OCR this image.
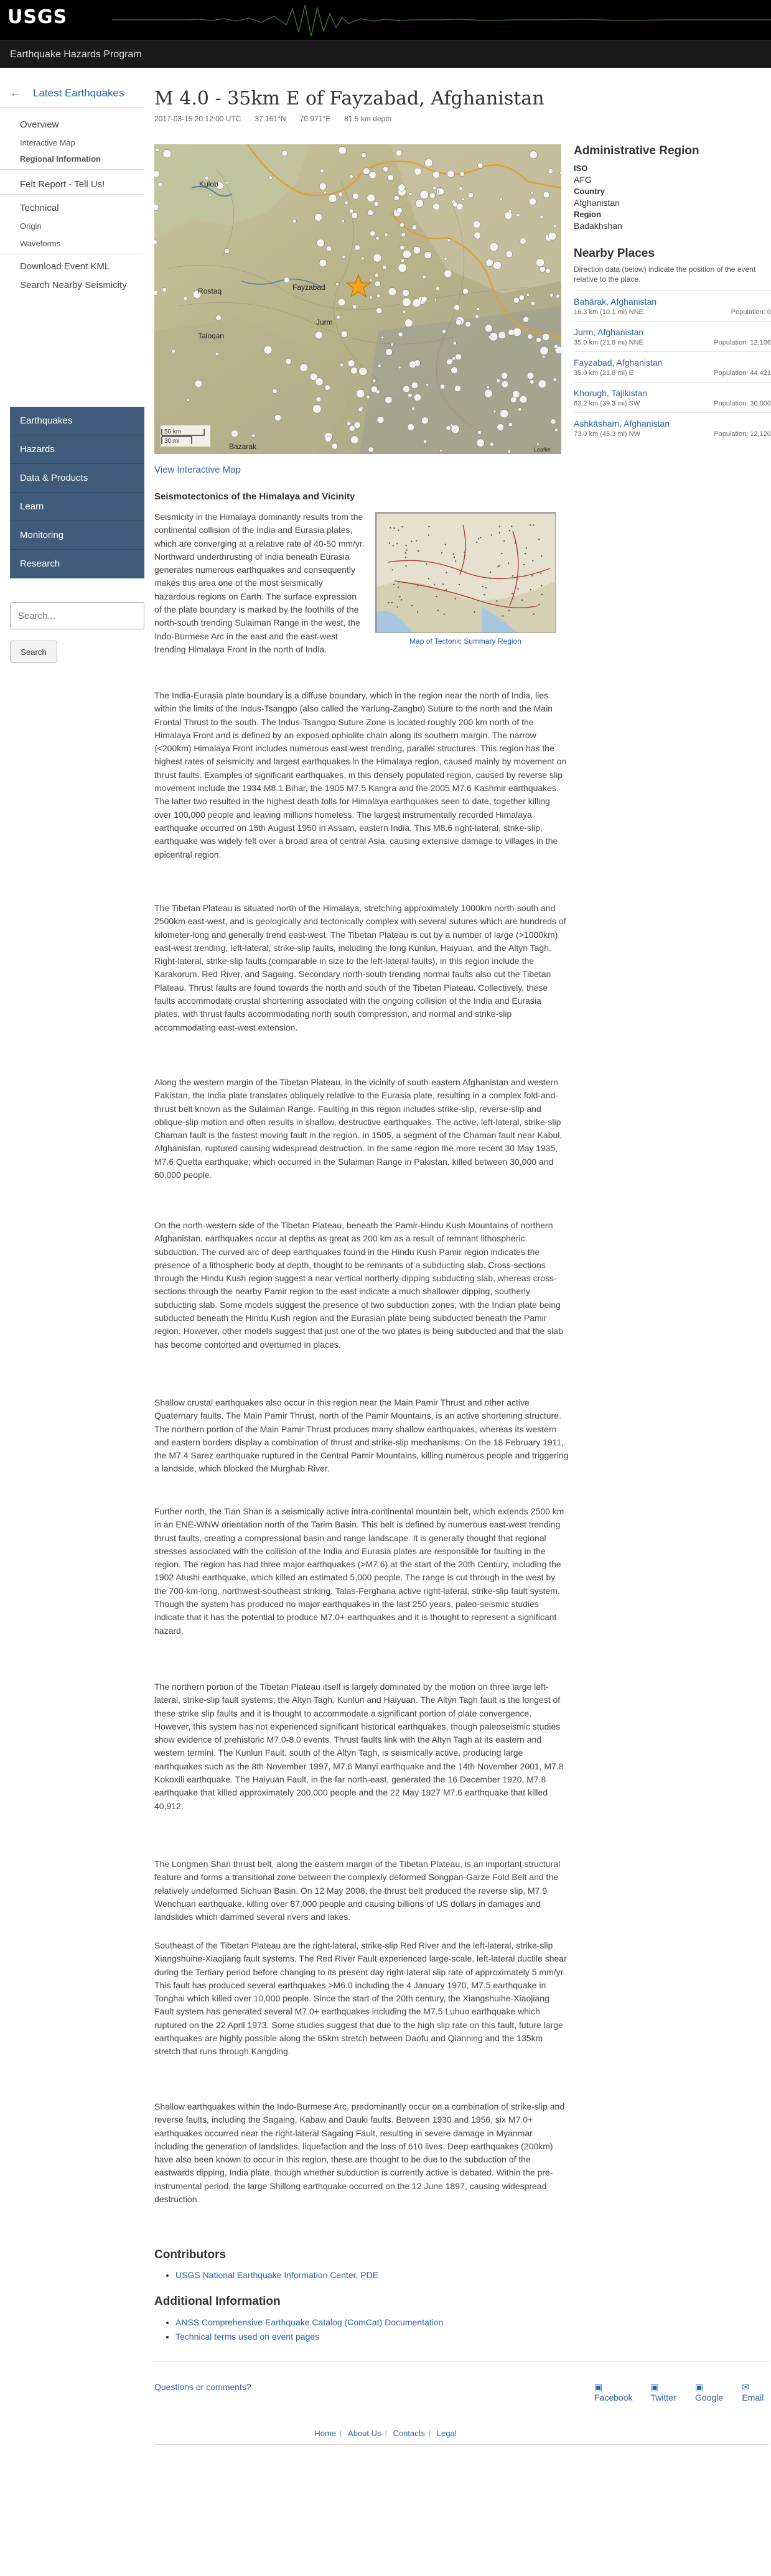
USGS
Earthquake Hazards Program
← Latest Earthquakes
Overview
Interactive Map
Regional Information
Felt Report - Tell Us!
Technical
Origin
Waveforms
Download Event KML
Search Nearby Seismicity
Earthquakes
Hazards
Data & Products
Learn
Monitoring
Research
Search...
Search
M 4.0 - 35km E of Fayzabad, Afghanistan
2017-03-15 20:12:00 UTC 37.161°N 70.971°E 81.5 km depth
Kulob
Rostaq	Fayzabad
Taloqan
Bazarak
Jurm
50 km
30 mi
Leaflet
View Interactive Map
Administrative Region
ISO
AFG
Country
Afghanistan
Region
Badakhshan
Nearby Places

Direction data (below) indicate the position of the event relative to the place.

Bahārak, Afghanistan
16.3 km (10.1 mi) NNE	Population: 0
Jurm, Afghanistan
35.0 km (21.8 mi) NNE	Population: 12,106
Fayzabad, Afghanistan
35.0 km (21.8 mi) E	Population: 44,421
Khorugh, Tajikistan
63.2 km (39.3 mi) SW	Population: 30,000
Ashkāsham, Afghanistan
73.0 km (45.3 mi) NW	Population: 12,120
Seismotectonics of the Himalaya and Vicinity

Seismicity in the Himalaya dominantly results from the continental collision of the India and Eurasia plates, which are converging at a relative rate of 40-50 mm/yr. Northward underthrusting of India beneath Eurasia generates numerous earthquakes and consequently makes this area one of the most seismically hazardous regions on Earth. The surface expression of the plate boundary is marked by the foothills of the north-south trending Sulaiman Range in the west, the Indo-Burmese Arc in the east and the east-west trending Himalaya Front in the north of India.

Map of Tectonic Summary Region

The India-Eurasia plate boundary is a diffuse boundary, which in the region near the north of India, lies within the limits of the Indus-Tsangpo (also called the Yarlung-Zangbo) Suture to the north and the Main Frontal Thrust to the south. The Indus-Tsangpo Suture Zone is located roughly 200 km north of the Himalaya Front and is defined by an exposed ophiolite chain along its southern margin. The narrow (<200km) Himalaya Front includes numerous east-west trending, parallel structures. This region has the highest rates of seismicity and largest earthquakes in the Himalaya region, caused mainly by movement on thrust faults. Examples of significant earthquakes, in this densely populated region, caused by reverse slip movement include the 1934 M8.1 Bihar, the 1905 M7.5 Kangra and the 2005 M7.6 Kashmir earthquakes. The latter two resulted in the highest death tolls for Himalaya earthquakes seen to date, together killing over 100,000 people and leaving millions homeless. The largest instrumentally recorded Himalaya earthquake occurred on 15th August 1950 in Assam, eastern India. This M8.6 right-lateral, strike-slip, earthquake was widely felt over a broad area of central Asia, causing extensive damage to villages in the epicentral region.

The Tibetan Plateau is situated north of the Himalaya, stretching approximately 1000km north-south and 2500km east-west, and is geologically and tectonically complex with several sutures which are hundreds of kilometer-long and generally trend east-west. The Tibetan Plateau is cut by a number of large (>1000km) east-west trending, left-lateral, strike-slip faults, including the long Kunlun, Haiyuan, and the Altyn Tagh. Right-lateral, strike-slip faults (comparable in size to the left-lateral faults), in this region include the Karakorum, Red River, and Sagaing. Secondary north-south trending normal faults also cut the Tibetan Plateau. Thrust faults are found towards the north and south of the Tibetan Plateau. Collectively, these faults accommodate crustal shortening associated with the ongoing collision of the India and Eurasia plates, with thrust faults accommodating north south compression, and normal and strike-slip accommodating east-west extension.

Along the western margin of the Tibetan Plateau, in the vicinity of south-eastern Afghanistan and western Pakistan, the India plate translates obliquely relative to the Eurasia plate, resulting in a complex fold-and-thrust belt known as the Sulaiman Range. Faulting in this region includes strike-slip, reverse-slip and oblique-slip motion and often results in shallow, destructive earthquakes. The active, left-lateral, strike-slip Chaman fault is the fastest moving fault in the region. In 1505, a segment of the Chaman fault near Kabul, Afghanistan, ruptured causing widespread destruction. In the same region the more recent 30 May 1935, M7.6 Quetta earthquake, which occurred in the Sulaiman Range in Pakistan, killed between 30,000 and 60,000 people.

On the north-western side of the Tibetan Plateau, beneath the Pamir-Hindu Kush Mountains of northern Afghanistan, earthquakes occur at depths as great as 200 km as a result of remnant lithospheric subduction. The curved arc of deep earthquakes found in the Hindu Kush Pamir region indicates the presence of a lithospheric body at depth, thought to be remnants of a subducting slab. Cross-sections through the Hindu Kush region suggest a near vertical northerly-dipping subducting slab, whereas cross-sections through the nearby Pamir region to the east indicate a much shallower dipping, southerly subducting slab. Some models suggest the presence of two subduction zones; with the Indian plate being subducted beneath the Hindu Kush region and the Eurasian plate being subducted beneath the Pamir region. However, other models suggest that just one of the two plates is being subducted and that the slab has become contorted and overturned in places.

Shallow crustal earthquakes also occur in this region near the Main Pamir Thrust and other active Quaternary faults. The Main Pamir Thrust, north of the Pamir Mountains, is an active shortening structure. The northern portion of the Main Pamir Thrust produces many shallow earthquakes, whereas its western and eastern borders display a combination of thrust and strike-slip mechanisms. On the 18 February 1911, the M7.4 Sarez earthquake ruptured in the Central Pamir Mountains, killing numerous people and triggering a landside, which blocked the Murghab River.

Further north, the Tian Shan is a seismically active intra-continental mountain belt, which extends 2500 km in an ENE-WNW orientation north of the Tarim Basin. This belt is defined by numerous east-west trending thrust faults, creating a compressional basin and range landscape. It is generally thought that regional stresses associated with the collision of the India and Eurasia plates are responsible for faulting in the region. The region has had three major earthquakes (>M7.6) at the start of the 20th Century, including the 1902 Atushi earthquake, which killed an estimated 5,000 people. The range is cut through in the west by the 700-km-long, northwest-southeast striking, Talas-Ferghana active right-lateral, strike-slip fault system. Though the system has produced no major earthquakes in the last 250 years, paleo-seismic studies indicate that it has the potential to produce M7.0+ earthquakes and it is thought to represent a significant hazard.

The northern portion of the Tibetan Plateau itself is largely dominated by the motion on three large left-lateral, strike-slip fault systems; the Altyn Tagh, Kunlun and Haiyuan. The Altyn Tagh fault is the longest of these strike slip faults and it is thought to accommodate a significant portion of plate convergence. However, this system has not experienced significant historical earthquakes, though paleoseismic studies show evidence of prehistoric M7.0-8.0 events. Thrust faults link with the Altyn Tagh at its eastern and western termini. The Kunlun Fault, south of the Altyn Tagh, is seismically active, producing large earthquakes such as the 8th November 1997, M7.6 Manyi earthquake and the 14th November 2001, M7.8 Kokoxili earthquake. The Haiyuan Fault, in the far north-east, generated the 16 December 1920, M7.8 earthquake that killed approximately 200,000 people and the 22 May 1927 M7.6 earthquake that killed 40,912.

The Longmen Shan thrust belt, along the eastern margin of the Tibetan Plateau, is an important structural feature and forms a transitional zone between the complexly deformed Songpan-Garze Fold Belt and the relatively undeformed Sichuan Basin. On 12 May 2008, the thrust belt produced the reverse slip, M7.9 Wenchuan earthquake, killing over 87,000 people and causing billions of US dollars in damages and landslides which dammed several rivers and lakes.

Southeast of the Tibetan Plateau are the right-lateral, strike-slip Red River and the left-lateral, strike-slip Xiangshuihe-Xiaojiang fault systems. The Red River Fault experienced large-scale, left-lateral ductile shear during the Tertiary period before changing to its present day right-lateral slip rate of approximately 5 mm/yr. This fault has produced several earthquakes >M6.0 including the 4 January 1970, M7.5 earthquake in Tonghai which killed over 10,000 people. Since the start of the 20th century, the Xiangshuihe-Xiaojiang Fault system has generated several M7.0+ earthquakes including the M7.5 Luhuo earthquake which ruptured on the 22 April 1973. Some studies suggest that due to the high slip rate on this fault, future large earthquakes are highly possible along the 65km stretch between Daofu and Qianning and the 135km stretch that runs through Kangding.

Shallow earthquakes within the Indo-Burmese Arc, predominantly occur on a combination of strike-slip and reverse faults, including the Sagaing, Kabaw and Dauki faults. Between 1930 and 1956, six M7.0+ earthquakes occurred near the right-lateral Sagaing Fault, resulting in severe damage in Myanmar including the generation of landslides, liquefaction and the loss of 610 lives. Deep earthquakes (200km) have also been known to occur in this region, these are thought to be due to the subduction of the eastwards dipping, India plate, though whether subduction is currently active is debated. Within the pre-instrumental period, the large Shillong earthquake occurred on the 12 June 1897, causing widespread destruction.

Contributors
• USGS National Earthquake Information Center, PDE
Additional Information
• ANSS Comprehensive Earthquake Catalog (ComCat) Documentation
• Technical terms used on event pages
Questions or comments?	▣ Facebook
▣ Twitter
▣ Google
✉ Email
Home | About Us | Contacts | Legal
